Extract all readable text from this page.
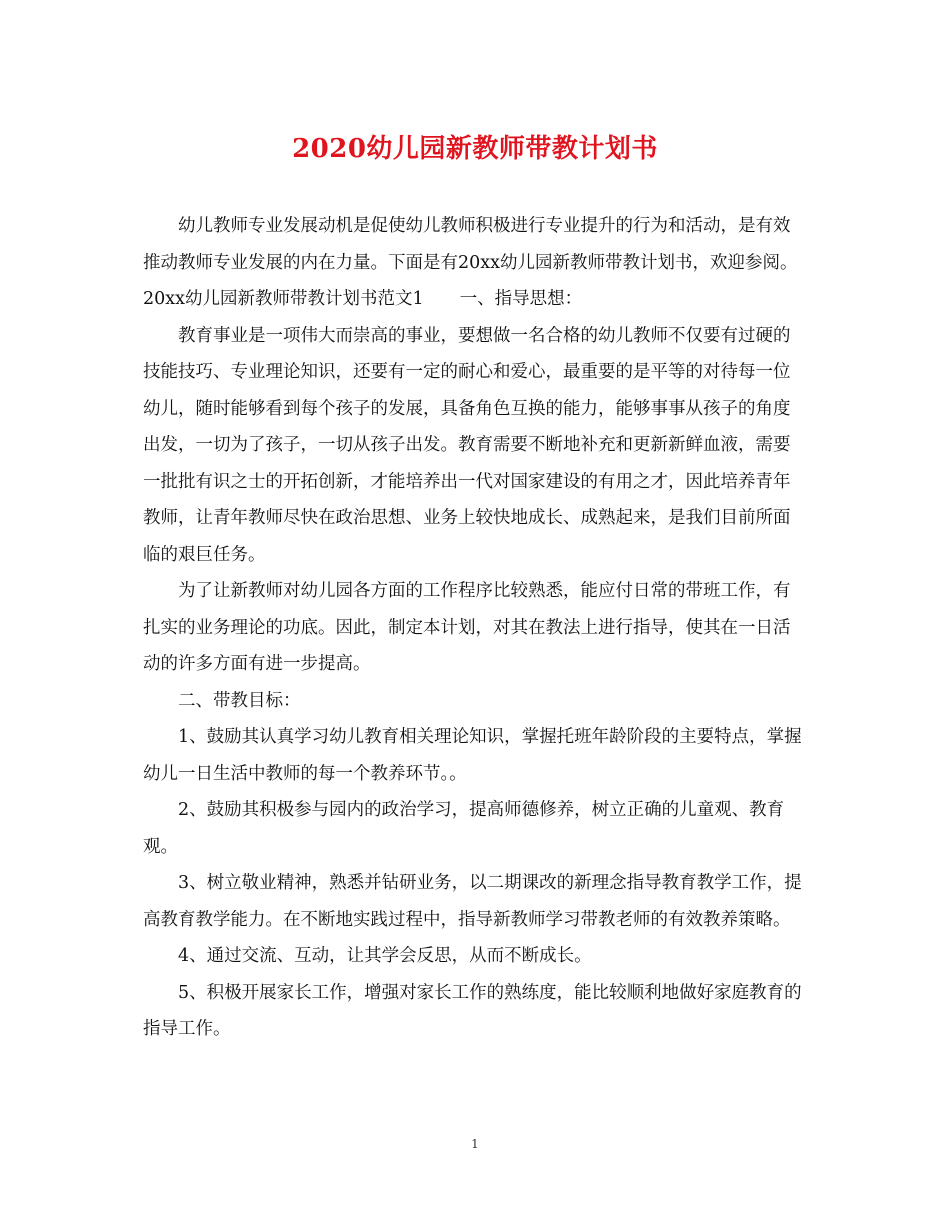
2020幼儿园新教师带教计划书

幼儿教师专业发展动机是促使幼儿教师积极进行专业提升的行为和活动，是有效推动教师专业发展的内在力量。下面是有20xx幼儿园新教师带教计划书，欢迎参阅。

20xx幼儿园新教师带教计划书范文1 一、指导思想：

教育事业是一项伟大而崇高的事业，要想做一名合格的幼儿教师不仅要有过硬的技能技巧、专业理论知识，还要有一定的耐心和爱心，最重要的是平等的对待每一位幼儿，随时能够看到每个孩子的发展，具备角色互换的能力，能够事事从孩子的角度出发，一切为了孩子，一切从孩子出发。教育需要不断地补充和更新新鲜血液，需要一批批有识之士的开拓创新，才能培养出一代对国家建设的有用之才，因此培养青年教师，让青年教师尽快在政治思想、业务上较快地成长、成熟起来，是我们目前所面临的艰巨任务。

为了让新教师对幼儿园各方面的工作程序比较熟悉，能应付日常的带班工作，有扎实的业务理论的功底。因此，制定本计划，对其在教法上进行指导，使其在一日活动的许多方面有进一步提高。

二、带教目标：

1、鼓励其认真学习幼儿教育相关理论知识，掌握托班年龄阶段的主要特点，掌握幼儿一日生活中教师的每一个教养环节。。

2、鼓励其积极参与园内的政治学习，提高师德修养，树立正确的儿童观、教育观。

3、树立敬业精神，熟悉并钻研业务，以二期课改的新理念指导教育教学工作，提高教育教学能力。在不断地实践过程中，指导新教师学习带教老师的有效教养策略。

4、通过交流、互动，让其学会反思，从而不断成长。

5、积极开展家长工作，增强对家长工作的熟练度，能比较顺利地做好家庭教育的指导工作。

1
